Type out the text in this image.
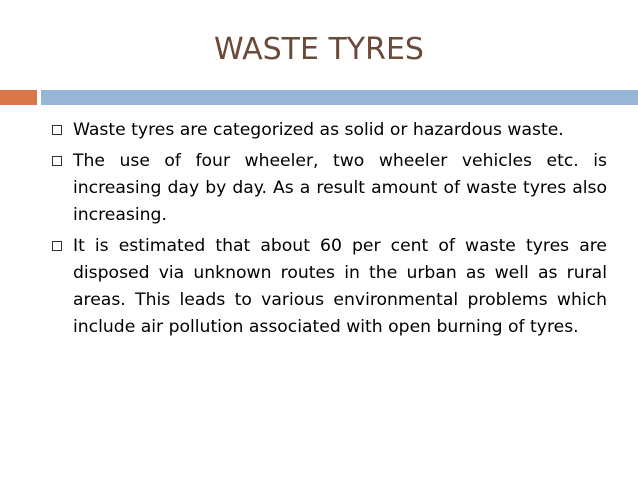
WASTE TYRES
Waste tyres are categorized as solid or hazardous waste.
The use of four wheeler, two wheeler vehicles etc. is increasing day by day. As a result amount of waste tyres also increasing.
It is estimated that about 60 per cent of waste tyres are disposed via unknown routes in the urban as well as rural areas. This leads to various environmental problems which include air pollution associated with open burning of tyres.
